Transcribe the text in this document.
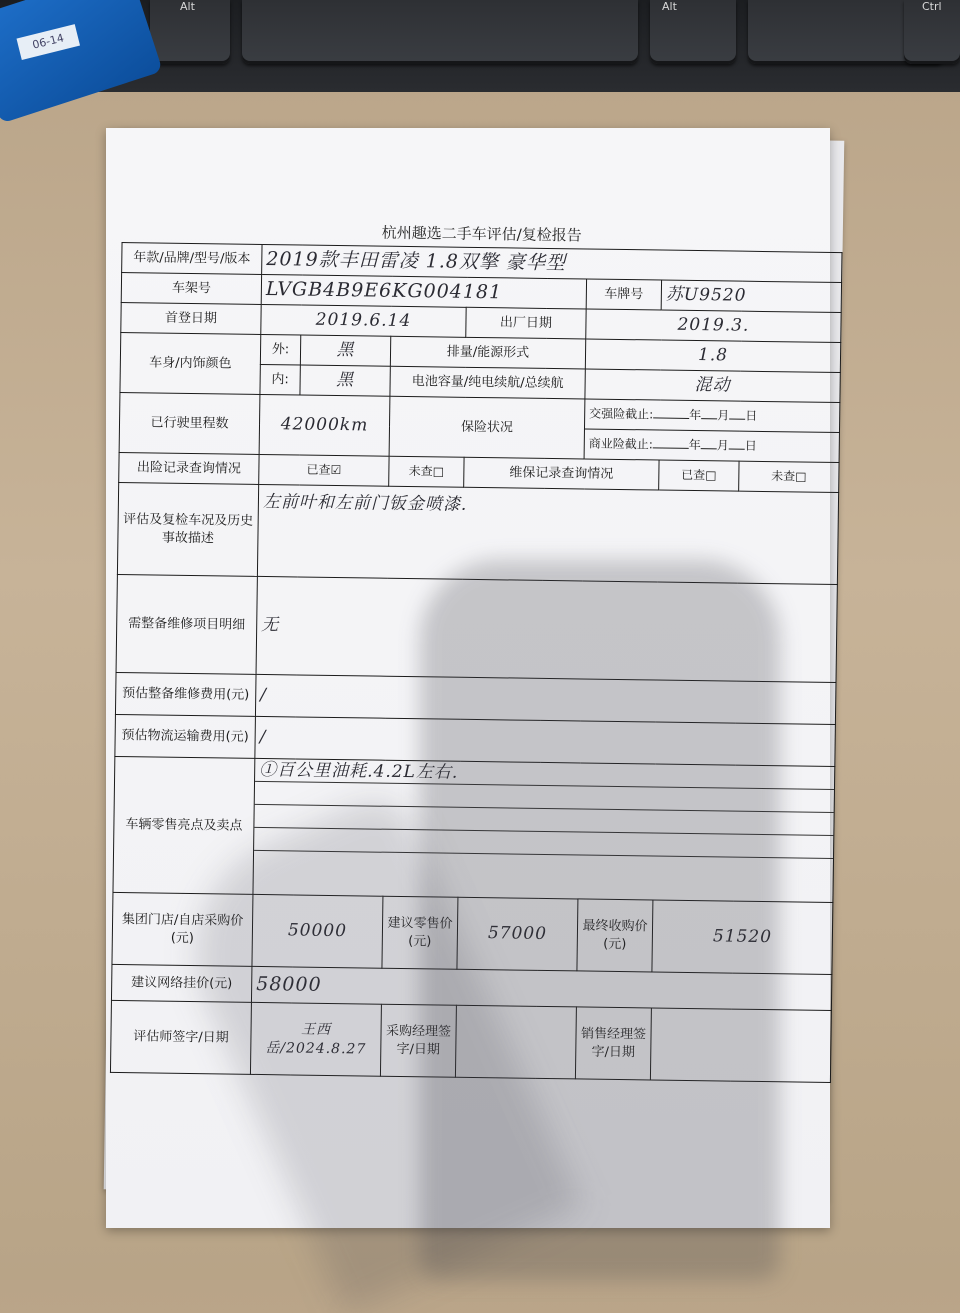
Alt	Alt	Ctrl
06-14
杭州趣选二手车评估/复检报告
年款/品牌/型号/版本	2019款丰田雷凌 1.8双擎 豪华型						
车架号	LVGB4B9E6KG004181				车牌号	苏U9520	
首登日期	2019.6.14			出厂日期	2019.3.		
车身/内饰颜色	外:	黑	排量/能源形式		1.8		
	内:	黑	电池容量/纯电续航/总续航		混动		
已行驶里程数	42000km		保险状况		交强险截止: 年 月 日		
					商业险截止: 年 月 日		
出险记录查询情况	已查☑		未查□	维保记录查询情况		已查□	未查□
评估及复检车况及历史事故描述	左前叶和左前门钣金喷漆.						
需整备维修项目明细	无						
预估整备维修费用(元)	/						
预估物流运输费用(元)	/						
车辆零售亮点及卖点	①百公里油耗.4.2L左右.						

集团门店/自店采购价(元)	50000		建议零售价(元)	57000	最终收购价(元)	51520	
建议网络挂价(元)	58000						
评估师签字/日期	王西岳/2024.8.27		采购经理签字/日期		销售经理签字/日期		
